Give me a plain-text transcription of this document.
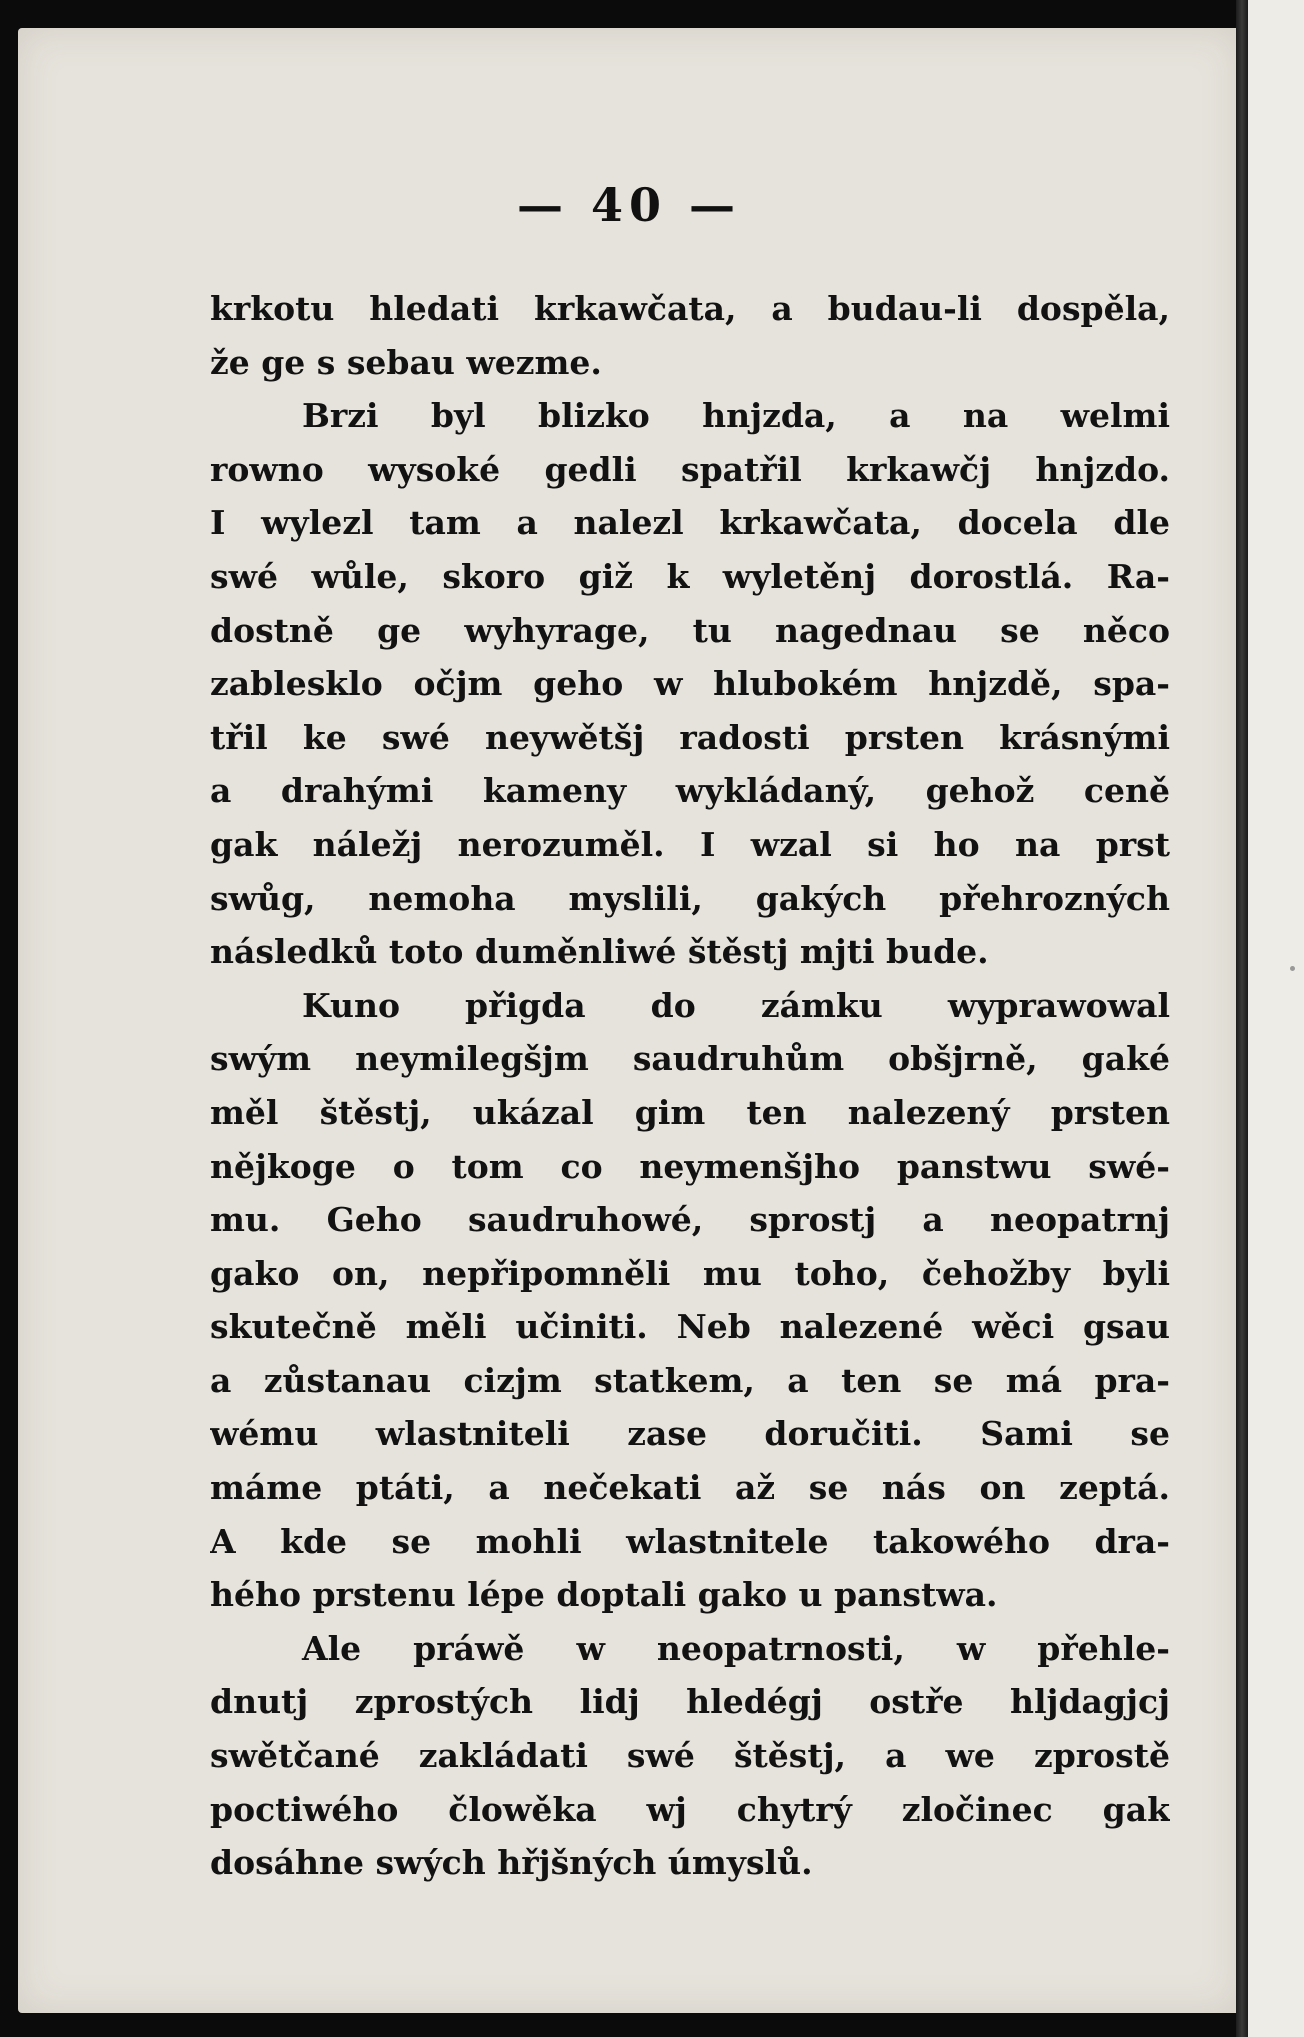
— 40 —
krkotu hledati krkawčata, a budau-li dospěla,
že ge s sebau wezme.
Brzi byl blizko hnjzda, a na welmi
rowno wysoké gedli spatřil krkawčj hnjzdo.
I wylezl tam a nalezl krkawčata, docela dle
swé wůle, skoro giž k wyletěnj dorostlá. Ra-
dostně ge wyhyrage, tu nagednau se něco
zablesklo očjm geho w hlubokém hnjzdě, spa-
třil ke swé neywětšj radosti prsten krásnými
a drahými kameny wykládaný, gehož ceně
gak náležj nerozuměl. I wzal si ho na prst
swůg, nemoha myslili, gakých přehrozných
následků toto duměnliwé štěstj mjti bude.
Kuno přigda do zámku wyprawowal
swým neymilegšjm saudruhům obšjrně, gaké
měl štěstj, ukázal gim ten nalezený prsten
nějkoge o tom co neymenšjho panstwu swé-
mu. Geho saudruhowé, sprostj a neopatrnj
gako on, nepřipomněli mu toho, čehožby byli
skutečně měli učiniti. Neb nalezené wěci gsau
a zůstanau cizjm statkem, a ten se má pra-
wému wlastniteli zase doručiti. Sami se
máme ptáti, a nečekati až se nás on zeptá.
A kde se mohli wlastnitele takowého dra-
hého prstenu lépe doptali gako u panstwa.
Ale práwě w neopatrnosti, w přehle-
dnutj zprostých lidj hledégj ostře hljdagjcj
swětčané zakládati swé štěstj, a we zprostě
poctiwého člowěka wj chytrý zločinec gak
dosáhne swých hřjšných úmyslů.
